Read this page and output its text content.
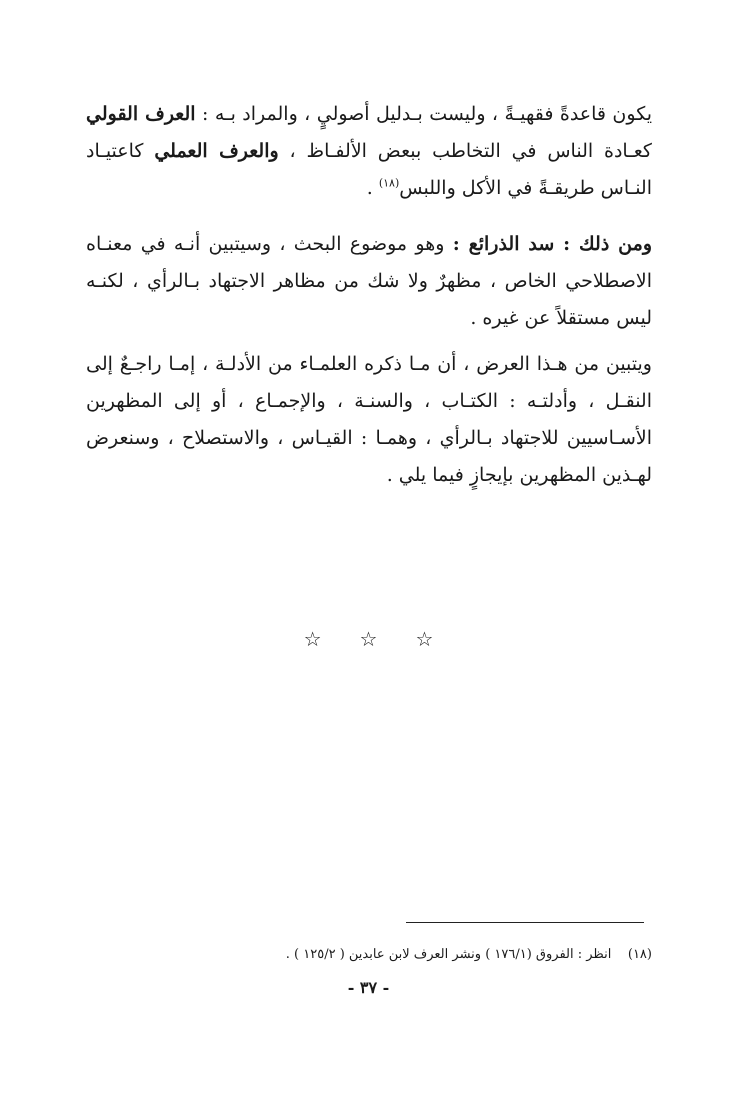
يكون قاعدةً فقهيـةً ، وليست بـدليل أصوليٍ ، والمراد بـه : العرف القولي كعـادة الناس في التخاطب ببعض الألفـاظ ، والعرف العملي كاعتيـاد النـاس طريقـةً في الأكل واللبس$^{(١٨)}$ .

ومن ذلك : سد الذرائع : وهو موضوع البحث ، وسيتبين أنـه في معنـاه الاصطلاحي الخاص ، مظهرٌ ولا شك من مظاهر الاجتهاد بـالرأي ، لكنـه ليس مستقلاً عن غيره .

ويتبين من هـذا العرض ، أن مـا ذكره العلمـاء من الأدلـة ، إمـا راجـعٌ إلى النقـل ، وأدلتـه : الكتـاب ، والسنـة ، والإجمـاع ، أو إلى المظهرين الأسـاسيين للاجتهاد بـالرأي ، وهمـا : القيـاس ، والاستصلاح ، وسنعرض لهـذين المظهرين بإيجازٍ فيما يلي .

☆
☆
☆
(١٨)    انظر : الفروق (١٧٦/١ ) ونشر العرف لابن عابدين ( ١٢٥/٢ ) .
- ٣٧ -
